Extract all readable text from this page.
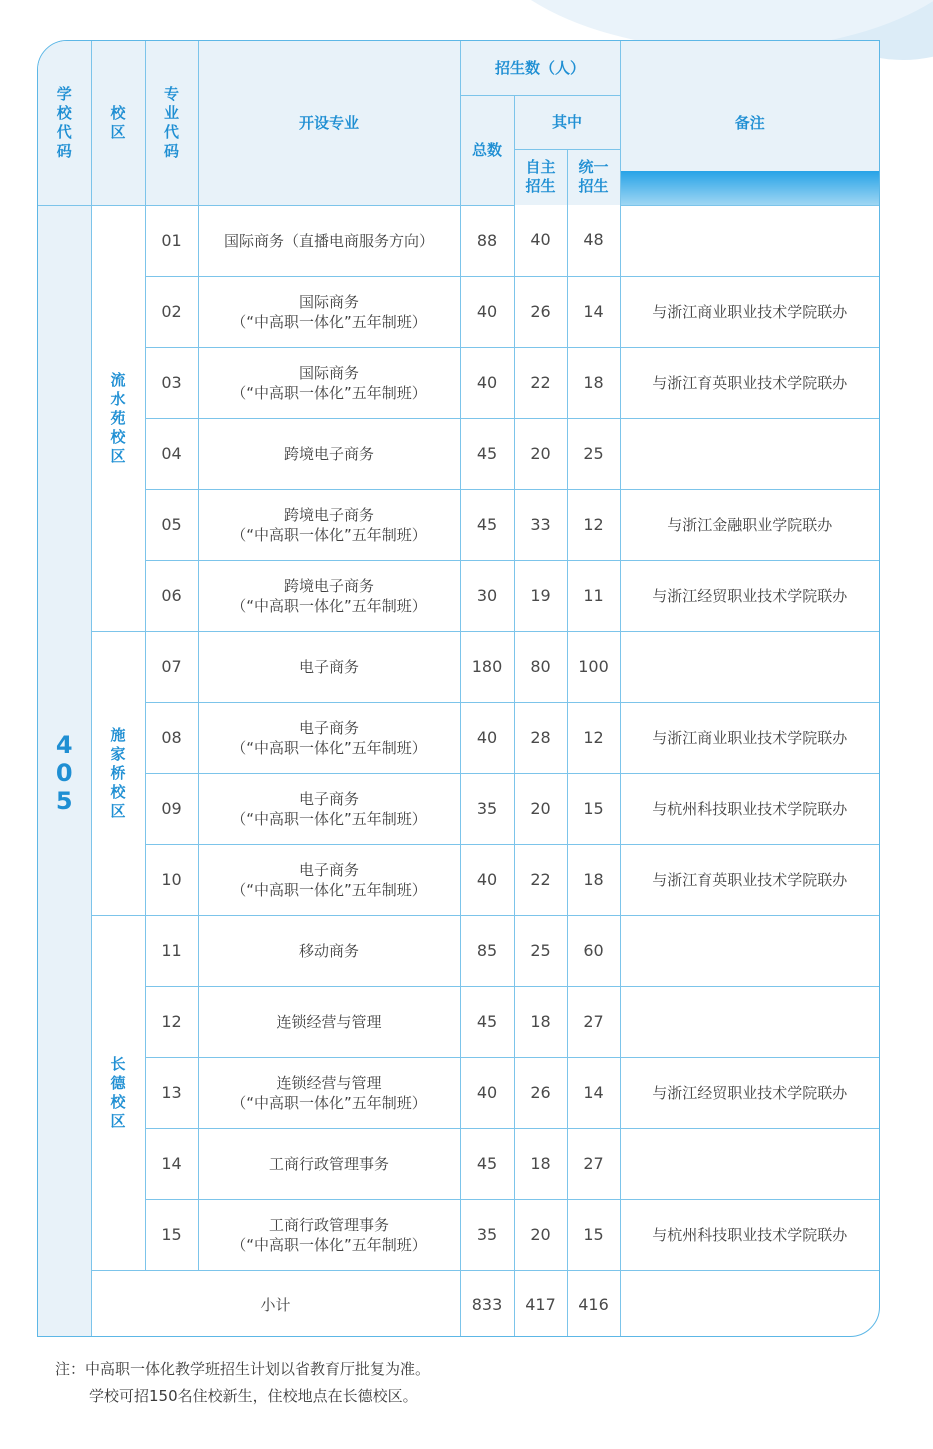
学校代码	校区	专业代码	开设专业	招生数（人）			备注
				总数	其中		
					自主招生	统一招生	
405	流水苑校区	01	国际商务（直播电商服务方向）	88	40	48	
		02	国际商务
（“中高职一体化”五年制班）	40	26	14	与浙江商业职业技术学院联办
		03	国际商务
（“中高职一体化”五年制班）	40	22	18	与浙江育英职业技术学院联办
		04	跨境电子商务	45	20	25	
		05	跨境电子商务
（“中高职一体化”五年制班）	45	33	12	与浙江金融职业学院联办
		06	跨境电子商务
（“中高职一体化”五年制班）	30	19	11	与浙江经贸职业技术学院联办
	施家桥校区	07	电子商务	180	80	100	
		08	电子商务
（“中高职一体化”五年制班）	40	28	12	与浙江商业职业技术学院联办
		09	电子商务
（“中高职一体化”五年制班）	35	20	15	与杭州科技职业技术学院联办
		10	电子商务
（“中高职一体化”五年制班）	40	22	18	与浙江育英职业技术学院联办
	长德校区	11	移动商务	85	25	60	
		12	连锁经营与管理	45	18	27	
		13	连锁经营与管理
（“中高职一体化”五年制班）	40	26	14	与浙江经贸职业技术学院联办
		14	工商行政管理事务	45	18	27	
		15	工商行政管理事务
（“中高职一体化”五年制班）	35	20	15	与杭州科技职业技术学院联办
	小计			833	417	416	
注：中高职一体化教学班招生计划以省教育厅批复为准。
学校可招150名住校新生，住校地点在长德校区。
